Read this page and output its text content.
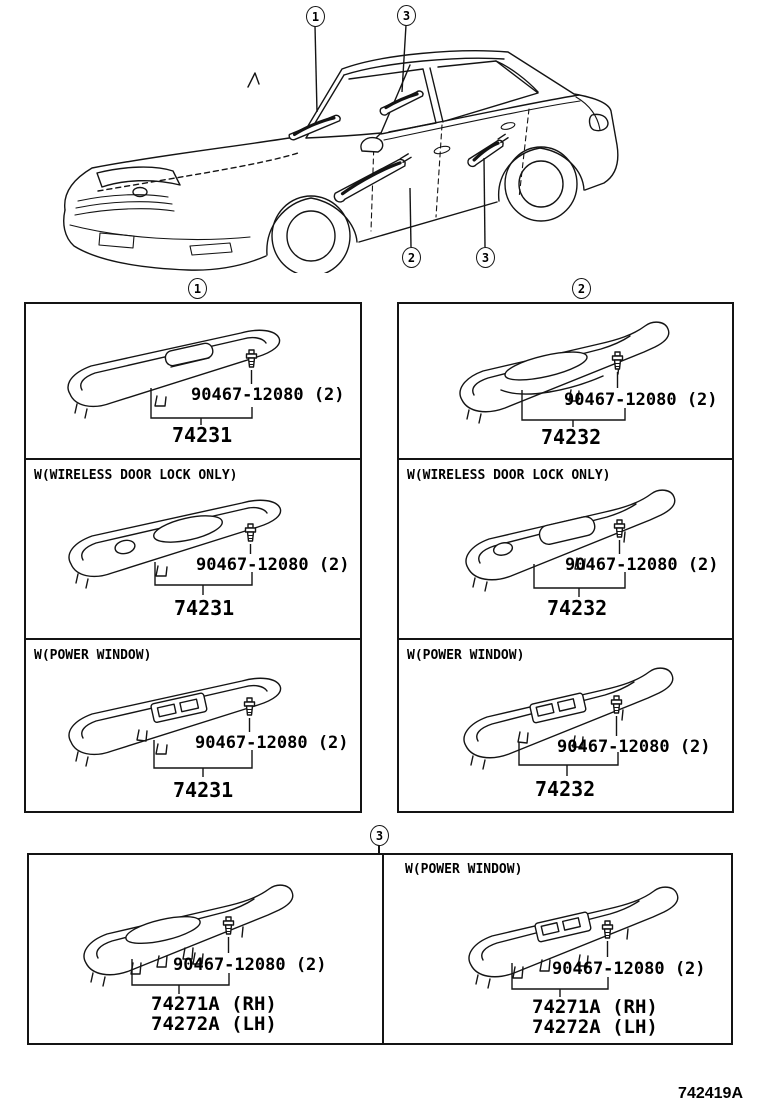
1	3
2	3
1	2
3
90467-12080 (2)
74231
W(WIRELESS DOOR LOCK ONLY)
90467-12080 (2)
74231
W(POWER WINDOW)
90467-12080 (2)
74231
90467-12080 (2)
74232
W(WIRELESS DOOR LOCK ONLY)
90467-12080 (2)
74232
W(POWER WINDOW)
90467-12080 (2)
74232
90467-12080 (2)
74271A (RH)
74272A (LH)
W(POWER WINDOW)
90467-12080 (2)
74271A (RH)
74272A (LH)
742419A
